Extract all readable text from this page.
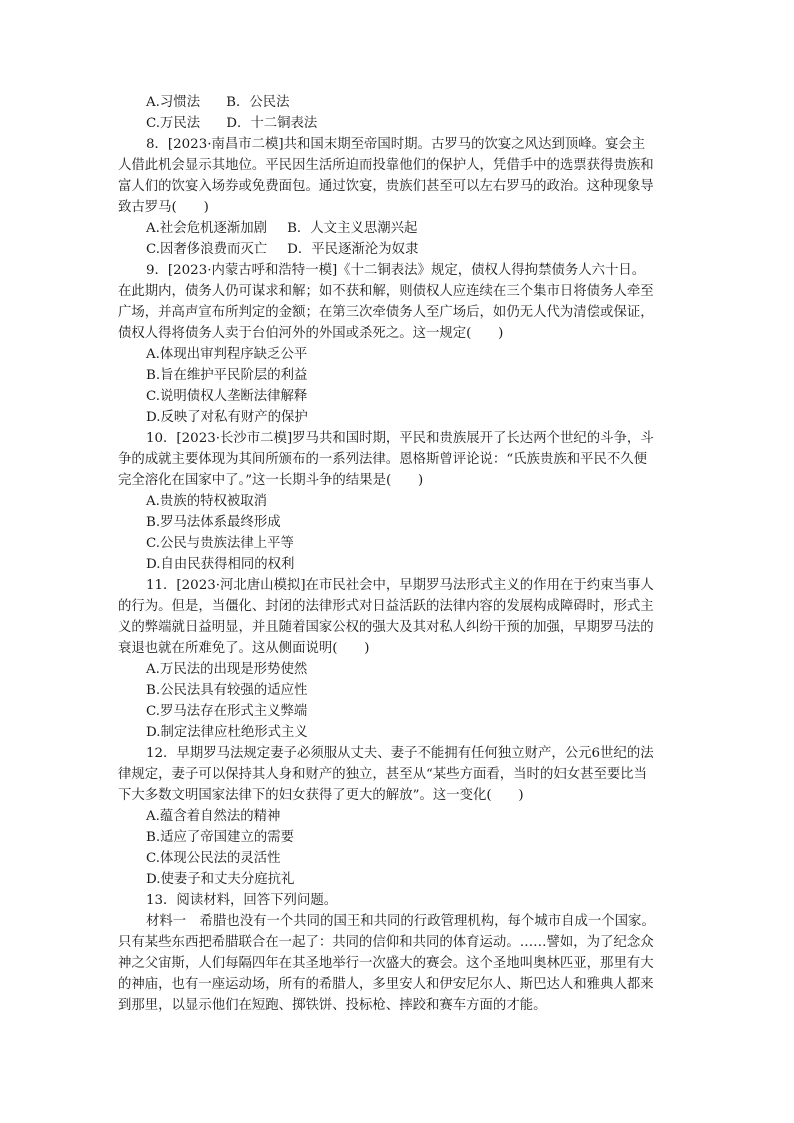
A.习惯法 B．公民法
C.万民法 D．十二铜表法
8．[2023·南昌市二模]共和国末期至帝国时期。古罗马的饮宴之风达到顶峰。宴会主
人借此机会显示其地位。平民因生活所迫而投靠他们的保护人，凭借手中的选票获得贵族和
富人们的饮宴入场券或免费面包。通过饮宴，贵族们甚至可以左右罗马的政治。这种现象导
致古罗马(　　)
A.社会危机逐渐加剧 B．人文主义思潮兴起
C.因奢侈浪费而灭亡 D．平民逐渐沦为奴隶
9．[2023·内蒙古呼和浩特一模]《十二铜表法》规定，债权人得拘禁债务人六十日。
在此期内，债务人仍可谋求和解；如不获和解，则债权人应连续在三个集市日将债务人牵至
广场，并高声宣布所判定的金额；在第三次牵债务人至广场后，如仍无人代为清偿或保证，
债权人得将债务人卖于台伯河外的外国或杀死之。这一规定(　　)
A.体现出审判程序缺乏公平
B.旨在维护平民阶层的利益
C.说明债权人垄断法律解释
D.反映了对私有财产的保护
10．[2023·长沙市二模]罗马共和国时期，平民和贵族展开了长达两个世纪的斗争，斗
争的成就主要体现为其间所颁布的一系列法律。恩格斯曾评论说：“氏族贵族和平民不久便
完全溶化在国家中了。”这一长期斗争的结果是(　　)
A.贵族的特权被取消
B.罗马法体系最终形成
C.公民与贵族法律上平等
D.自由民获得相同的权利
11．[2023·河北唐山模拟]在市民社会中，早期罗马法形式主义的作用在于约束当事人
的行为。但是，当僵化、封闭的法律形式对日益活跃的法律内容的发展构成障碍时，形式主
义的弊端就日益明显，并且随着国家公权的强大及其对私人纠纷干预的加强，早期罗马法的
衰退也就在所难免了。这从侧面说明(　　)
A.万民法的出现是形势使然
B.公民法具有较强的适应性
C.罗马法存在形式主义弊端
D.制定法律应杜绝形式主义
12．早期罗马法规定妻子必须服从丈夫、妻子不能拥有任何独立财产，公元6世纪的法
律规定，妻子可以保持其人身和财产的独立，甚至从“某些方面看，当时的妇女甚至要比当
下大多数文明国家法律下的妇女获得了更大的解放”。这一变化(　　)
A.蕴含着自然法的精神
B.适应了帝国建立的需要
C.体现公民法的灵活性
D.使妻子和丈夫分庭抗礼
13．阅读材料，回答下列问题。
材料一　希腊也没有一个共同的国王和共同的行政管理机构，每个城市自成一个国家。
只有某些东西把希腊联合在一起了：共同的信仰和共同的体育运动。……譬如，为了纪念众
神之父宙斯，人们每隔四年在其圣地举行一次盛大的赛会。这个圣地叫奥林匹亚，那里有大
的神庙，也有一座运动场，所有的希腊人，多里安人和伊安尼尔人、斯巴达人和雅典人都来
到那里，以显示他们在短跑、掷铁饼、投标枪、摔跤和赛车方面的才能。
